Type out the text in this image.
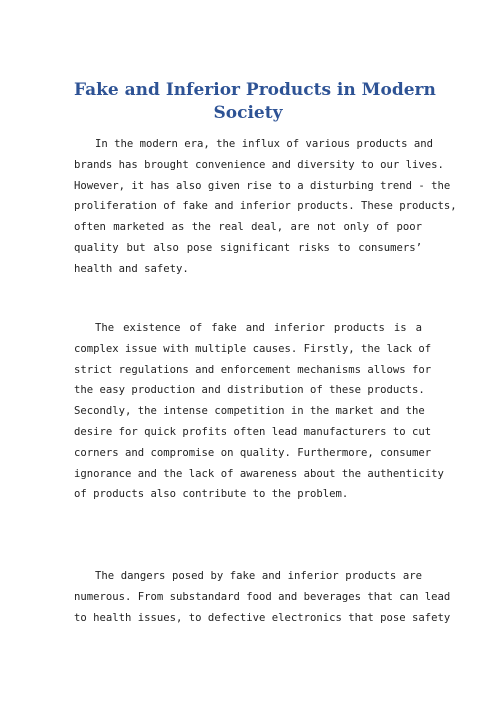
Fake and Inferior Products in Modern
Society

In the modern era, the influx of various products and
brands has brought convenience and diversity to our lives.
However, it has also given rise to a disturbing trend - the
proliferation of fake and inferior products. These products,
often marketed as the real deal, are not only of poor
quality but also pose significant risks to consumers’
health and safety.

The existence of fake and inferior products is a
complex issue with multiple causes. Firstly, the lack of
strict regulations and enforcement mechanisms allows for
the easy production and distribution of these products.
Secondly, the intense competition in the market and the
desire for quick profits often lead manufacturers to cut
corners and compromise on quality. Furthermore, consumer
ignorance and the lack of awareness about the authenticity
of products also contribute to the problem.

The dangers posed by fake and inferior products are
numerous. From substandard food and beverages that can lead
to health issues, to defective electronics that pose safety
